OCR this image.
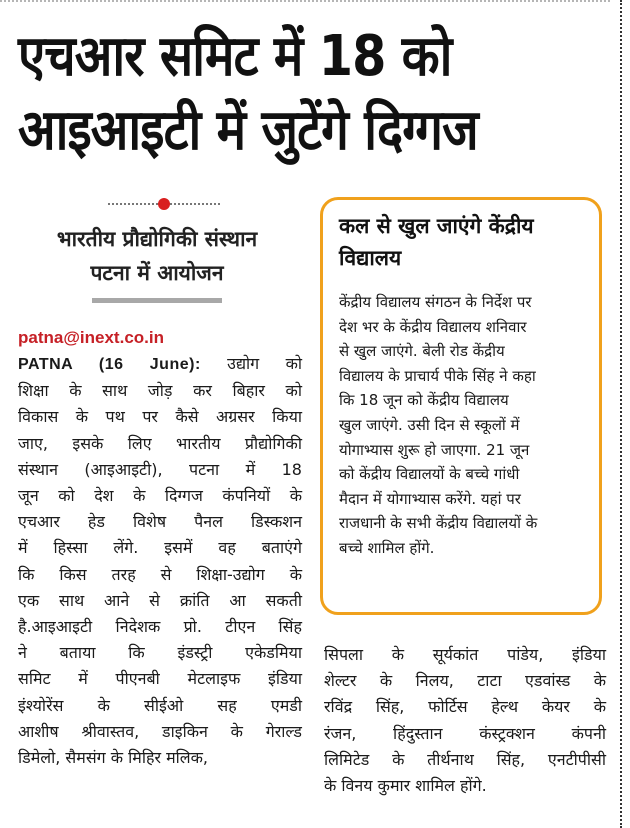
एचआर समिट में 18 को
आइआइटी में जुटेंगे दिग्गज
भारतीय प्रौद्योगिकी संस्थान
पटना में आयोजन
patna@inext.co.in
PATNA (16 June): उद्योग को
शिक्षा के साथ जोड़ कर बिहार को
विकास के पथ पर कैसे अग्रसर किया
जाए, इसके लिए भारतीय प्रौद्योगिकी
संस्थान (आइआइटी), पटना में 18
जून को देश के दिग्गज कंपनियों के
एचआर हेड विशेष पैनल डिस्कशन
में हिस्सा लेंगे. इसमें वह बताएंगे
कि किस तरह से शिक्षा-उद्योग के
एक साथ आने से क्रांति आ सकती
है.आइआइटी निदेशक प्रो. टीएन सिंह
ने बताया कि इंडस्ट्री एकेडमिया
समिट में पीएनबी मेटलाइफ इंडिया
इंश्योरेंस के सीईओ सह एमडी
आशीष श्रीवास्तव, डाइकिन के गेराल्ड
डिमेलो, सैमसंग के मिहिर मलिक,
कल से खुल जाएंगे केंद्रीय
विद्यालय
केंद्रीय विद्यालय संगठन के निर्देश पर
देश भर के केंद्रीय विद्यालय शनिवार
से खुल जाएंगे. बेली रोड केंद्रीय
विद्यालय के प्राचार्य पीके सिंह ने कहा
कि 18 जून को केंद्रीय विद्यालय
खुल जाएंगे. उसी दिन से स्कूलों में
योगाभ्यास शुरू हो जाएगा. 21 जून
को केंद्रीय विद्यालयों के बच्चे गांधी
मैदान में योगाभ्यास करेंगे. यहां पर
राजधानी के सभी केंद्रीय विद्यालयों के
बच्चे शामिल होंगे.
सिपला के सूर्यकांत पांडेय, इंडिया
शेल्टर के निलय, टाटा एडवांस्ड के
रविंद्र सिंह, फोर्टिस हेल्थ केयर के
रंजन, हिंदुस्तान कंस्ट्रक्शन कंपनी
लिमिटेड के तीर्थनाथ सिंह, एनटीपीसी
के विनय कुमार शामिल होंगे.
